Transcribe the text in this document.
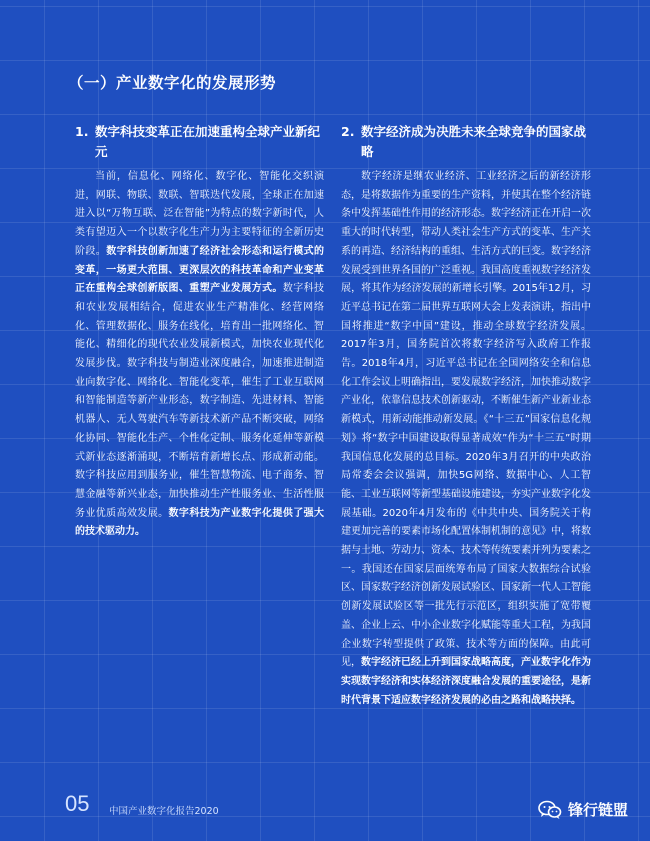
（一）产业数字化的发展形势
1. 数字科技变革正在加速重构全球产业新纪元

当前，信息化、网络化、数字化、智能化交织演进，网联、物联、数联、智联迭代发展，全球正在加速进入以“万物互联、泛在智能”为特点的数字新时代，人类有望迈入一个以数字化生产力为主要特征的全新历史阶段。数字科技创新加速了经济社会形态和运行模式的变革，一场更大范围、更深层次的科技革命和产业变革正在重构全球创新版图、重塑产业发展方式。数字科技和农业发展相结合，促进农业生产精准化、经营网络化、管理数据化、服务在线化，培育出一批网络化、智能化、精细化的现代农业发展新模式，加快农业现代化发展步伐。数字科技与制造业深度融合，加速推进制造业向数字化、网络化、智能化变革，催生了工业互联网和智能制造等新产业形态，数字制造、先进材料、智能机器人、无人驾驶汽车等新技术新产品不断突破，网络化协同、智能化生产、个性化定制、服务化延伸等新模式新业态逐渐涌现，不断培育新增长点、形成新动能。数字科技应用到服务业，催生智慧物流、电子商务、智慧金融等新兴业态，加快推动生产性服务业、生活性服务业优质高效发展。数字科技为产业数字化提供了强大的技术驱动力。

2. 数字经济成为决胜未来全球竞争的国家战略

数字经济是继农业经济、工业经济之后的新经济形态，是将数据作为重要的生产资料，并使其在整个经济链条中发挥基础性作用的经济形态。数字经济正在开启一次重大的时代转型，带动人类社会生产方式的变革、生产关系的再造、经济结构的重组、生活方式的巨变。数字经济发展受到世界各国的广泛重视。我国高度重视数字经济发展，将其作为经济发展的新增长引擎。2015年12月，习近平总书记在第二届世界互联网大会上发表演讲，指出中国将推进“数字中国”建设，推动全球数字经济发展。2017年3月，国务院首次将数字经济写入政府工作报告。2018年4月，习近平总书记在全国网络安全和信息化工作会议上明确指出，要发展数字经济，加快推动数字产业化，依靠信息技术创新驱动，不断催生新产业新业态新模式，用新动能推动新发展。《“十三五”国家信息化规划》将“数字中国建设取得显著成效”作为“十三五”时期我国信息化发展的总目标。2020年3月召开的中央政治局常委会会议强调，加快5G网络、数据中心、人工智能、工业互联网等新型基础设施建设，夯实产业数字化发展基础。2020年4月发布的《中共中央、国务院关于构建更加完善的要素市场化配置体制机制的意见》中，将数据与土地、劳动力、资本、技术等传统要素并列为要素之一。我国还在国家层面统筹布局了国家大数据综合试验区、国家数字经济创新发展试验区、国家新一代人工智能创新发展试验区等一批先行示范区，组织实施了宽带覆盖、企业上云、中小企业数字化赋能等重大工程，为我国企业数字转型提供了政策、技术等方面的保障。由此可见，数字经济已经上升到国家战略高度，产业数字化作为实现数字经济和实体经济深度融合发展的重要途径，是新时代背景下适应数字经济发展的必由之路和战略抉择。

05 中国产业数字化报告2020	锋行链盟
